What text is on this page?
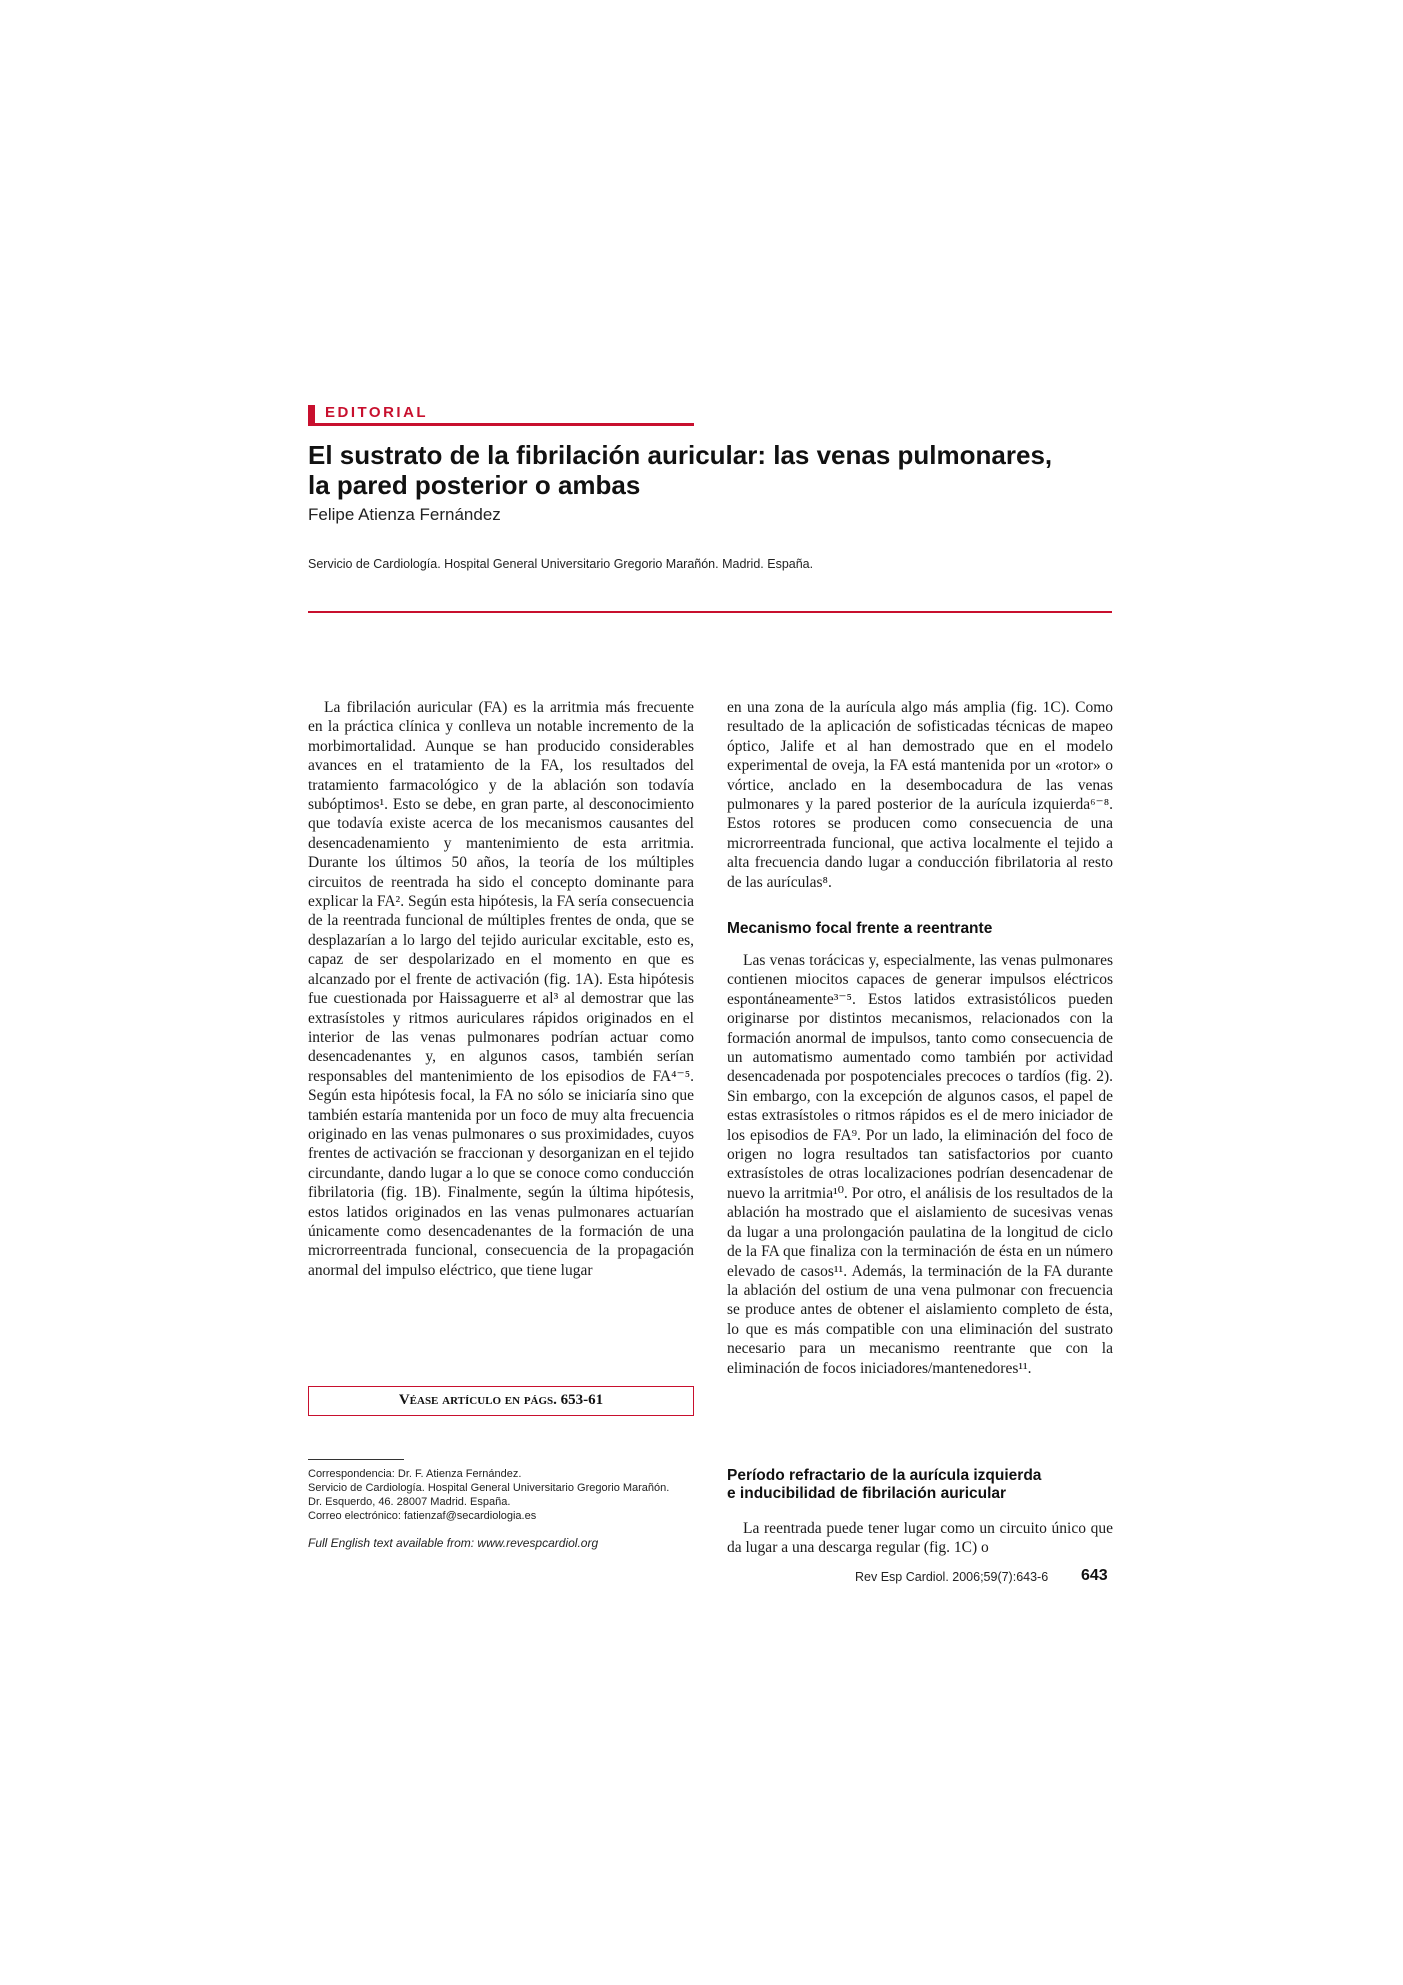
EDITORIAL
El sustrato de la fibrilación auricular: las venas pulmonares,
la pared posterior o ambas
Felipe Atienza Fernández
Servicio de Cardiología. Hospital General Universitario Gregorio Marañón. Madrid. España.

La fibrilación auricular (FA) es la arritmia más frecuente en la práctica clínica y conlleva un notable incremento de la morbimortalidad. Aunque se han producido considerables avances en el tratamiento de la FA, los resultados del tratamiento farmacológico y de la ablación son todavía subóptimos¹. Esto se debe, en gran parte, al desconocimiento que todavía existe acerca de los mecanismos causantes del desencadenamiento y mantenimiento de esta arritmia. Durante los últimos 50 años, la teoría de los múltiples circuitos de reentrada ha sido el concepto dominante para explicar la FA². Según esta hipótesis, la FA sería consecuencia de la reentrada funcional de múltiples frentes de onda, que se desplazarían a lo largo del tejido auricular excitable, esto es, capaz de ser despolarizado en el momento en que es alcanzado por el frente de activación (fig. 1A). Esta hipótesis fue cuestionada por Haissaguerre et al³ al demostrar que las extrasístoles y ritmos auriculares rápidos originados en el interior de las venas pulmonares podrían actuar como desencadenantes y, en algunos casos, también serían responsables del mantenimiento de los episodios de FA⁴⁻⁵. Según esta hipótesis focal, la FA no sólo se iniciaría sino que también estaría mantenida por un foco de muy alta frecuencia originado en las venas pulmonares o sus proximidades, cuyos frentes de activación se fraccionan y desorganizan en el tejido circundante, dando lugar a lo que se conoce como conducción fibrilatoria (fig. 1B). Finalmente, según la última hipótesis, estos latidos originados en las venas pulmonares actuarían únicamente como desencadenantes de la formación de una microrreentrada funcional, consecuencia de la propagación anormal del impulso eléctrico, que tiene lugar

en una zona de la aurícula algo más amplia (fig. 1C). Como resultado de la aplicación de sofisticadas técnicas de mapeo óptico, Jalife et al han demostrado que en el modelo experimental de oveja, la FA está mantenida por un «rotor» o vórtice, anclado en la desembocadura de las venas pulmonares y la pared posterior de la aurícula izquierda⁶⁻⁸. Estos rotores se producen como consecuencia de una microrreentrada funcional, que activa localmente el tejido a alta frecuencia dando lugar a conducción fibrilatoria al resto de las aurículas⁸.

Mecanismo focal frente a reentrante

Las venas torácicas y, especialmente, las venas pulmonares contienen miocitos capaces de generar impulsos eléctricos espontáneamente³⁻⁵. Estos latidos extrasistólicos pueden originarse por distintos mecanismos, relacionados con la formación anormal de impulsos, tanto como consecuencia de un automatismo aumentado como también por actividad desencadenada por pospotenciales precoces o tardíos (fig. 2). Sin embargo, con la excepción de algunos casos, el papel de estas extrasístoles o ritmos rápidos es el de mero iniciador de los episodios de FA⁹. Por un lado, la eliminación del foco de origen no logra resultados tan satisfactorios por cuanto extrasístoles de otras localizaciones podrían desencadenar de nuevo la arritmia¹⁰. Por otro, el análisis de los resultados de la ablación ha mostrado que el aislamiento de sucesivas venas da lugar a una prolongación paulatina de la longitud de ciclo de la FA que finaliza con la terminación de ésta en un número elevado de casos¹¹. Además, la terminación de la FA durante la ablación del ostium de una vena pulmonar con frecuencia se produce antes de obtener el aislamiento completo de ésta, lo que es más compatible con una eliminación del sustrato necesario para un mecanismo reentrante que con la eliminación de focos iniciadores/mantenedores¹¹.

Período refractario de la aurícula izquierda
e inducibilidad de fibrilación auricular

La reentrada puede tener lugar como un circuito único que da lugar a una descarga regular (fig. 1C) o

Véase artículo en págs. 653-61
Correspondencia: Dr. F. Atienza Fernández.
Servicio de Cardiología. Hospital General Universitario Gregorio Marañón.
Dr. Esquerdo, 46. 28007 Madrid. España.
Correo electrónico: fatienzaf@secardiologia.es
Full English text available from: www.revespcardiol.org
Rev Esp Cardiol. 2006;59(7):643-6 643
